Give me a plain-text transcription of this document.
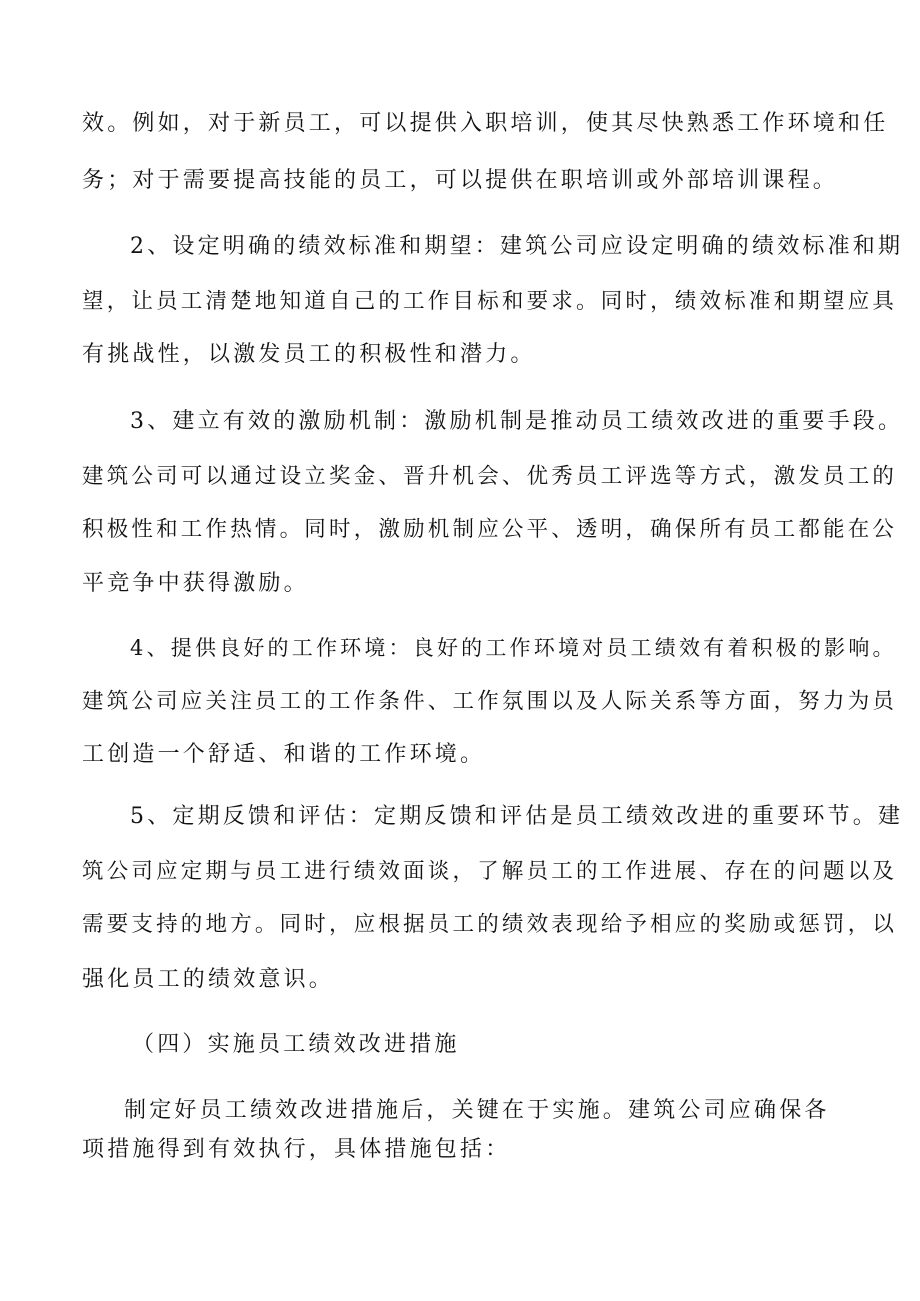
效。例如，对于新员工，可以提供入职培训，使其尽快熟悉工作环境和任
务；对于需要提高技能的员工，可以提供在职培训或外部培训课程。
2、设定明确的绩效标准和期望：建筑公司应设定明确的绩效标准和期
望，让员工清楚地知道自己的工作目标和要求。同时，绩效标准和期望应具
有挑战性，以激发员工的积极性和潜力。
3、建立有效的激励机制：激励机制是推动员工绩效改进的重要手段。
建筑公司可以通过设立奖金、晋升机会、优秀员工评选等方式，激发员工的
积极性和工作热情。同时，激励机制应公平、透明，确保所有员工都能在公
平竞争中获得激励。
4、提供良好的工作环境：良好的工作环境对员工绩效有着积极的影响。
建筑公司应关注员工的工作条件、工作氛围以及人际关系等方面，努力为员
工创造一个舒适、和谐的工作环境。
5、定期反馈和评估：定期反馈和评估是员工绩效改进的重要环节。建
筑公司应定期与员工进行绩效面谈，了解员工的工作进展、存在的问题以及
需要支持的地方。同时，应根据员工的绩效表现给予相应的奖励或惩罚，以
强化员工的绩效意识。
（四）实施员工绩效改进措施
制定好员工绩效改进措施后，关键在于实施。建筑公司应确保各
项措施得到有效执行，具体措施包括：
